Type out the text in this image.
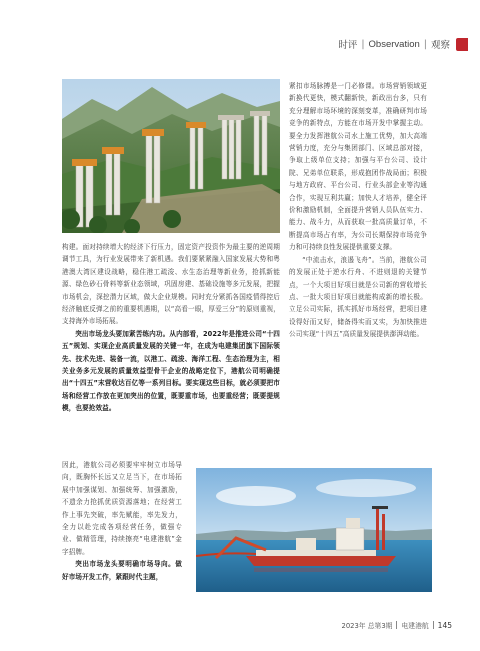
时评 | Observation | 观察

紧扣市场脉搏是一门必修课。市场营销领域更新换代更快，模式翻新快，新政出台多，只有充分理解市场环境的深刻变革，准确研判市场竞争的新特点，方能在市场开发中掌握主动。要全力发挥港航公司水上施工优势，加大高端营销力度，充分与集团部门、区域总部对接，争取上级单位支持；加强与平台公司、设计院、兄弟单位联系，形成抱团作战局面；积极与地方政府、平台公司、行业头部企业等沟通合作，实现互利共赢；加快人才培养，健全评价和激励机制，全面提升营销人员队伍实力、能力、战斗力，从而获取一批高质量订单，不断提高市场占有率，为公司长期保持市场竞争力和可持续良性发展提供重要支撑。

“中流击水，浪遏飞舟”。当前，港航公司的发展正处于逆水行舟、不进则退的关键节点，一个大项目好项目就是公司新的营收增长点、一批大项目好项目就能构成新的增长极。立足公司实际，抓实抓好市场经营，把项目建设得好而又好，储备得实而又实，为加快推进公司实现“十四五”高质量发展提供澎湃动能。

构建。面对持续增大的经济下行压力，固定资产投资作为最主要的逆周期调节工具，为行业发展带来了新机遇。我们要紧紧融入国家发展大势和粤港澳大湾区建设战略，稳住港工疏浚、水生态治理等新业务，抢抓新能源、绿色砂石骨料等新业态领域，巩固房建、基础设施等多元发展，把握市场机会，深挖潜力区域，做大企业规模。同时充分紧抓各国疫情得控后经济触底反弹之前的重要机遇期，以“高看一眼，厚爱三分”的原则重视，支持海外市场拓展。

突出市场龙头要加紧苦练内功。从内部看，2022年是推进公司“十四五”规划、实现企业高质量发展的关键一年，在成为电建集团旗下国际领先、技术先进、装备一流，以港工、疏浚、海洋工程、生态治理为主，相关业务多元发展的质量效益型骨干企业的战略定位下，港航公司明确提出“十四五”末营收达百亿等一系列目标。要实现这些目标，就必须要把市场和经营工作放在更加突出的位置，既要重市场，也要重经营；既要提规模，也要抢效益。

因此，港航公司必须要牢牢树立市场导向，既胸怀长远又立足当下，在市场拓展中加强谋划、加强统筹、加强激励，不遗余力抢抓优质资源落地；在经营工作上事先突破，率先赋能，率先发力，全力以赴完成各项经营任务，做强专业、做精管理，持续擦亮“电建港航”金字招牌。

突出市场龙头要明确市场导向。做好市场开发工作，紧跟时代主题，

2023年 总第3期 电建港航 145
